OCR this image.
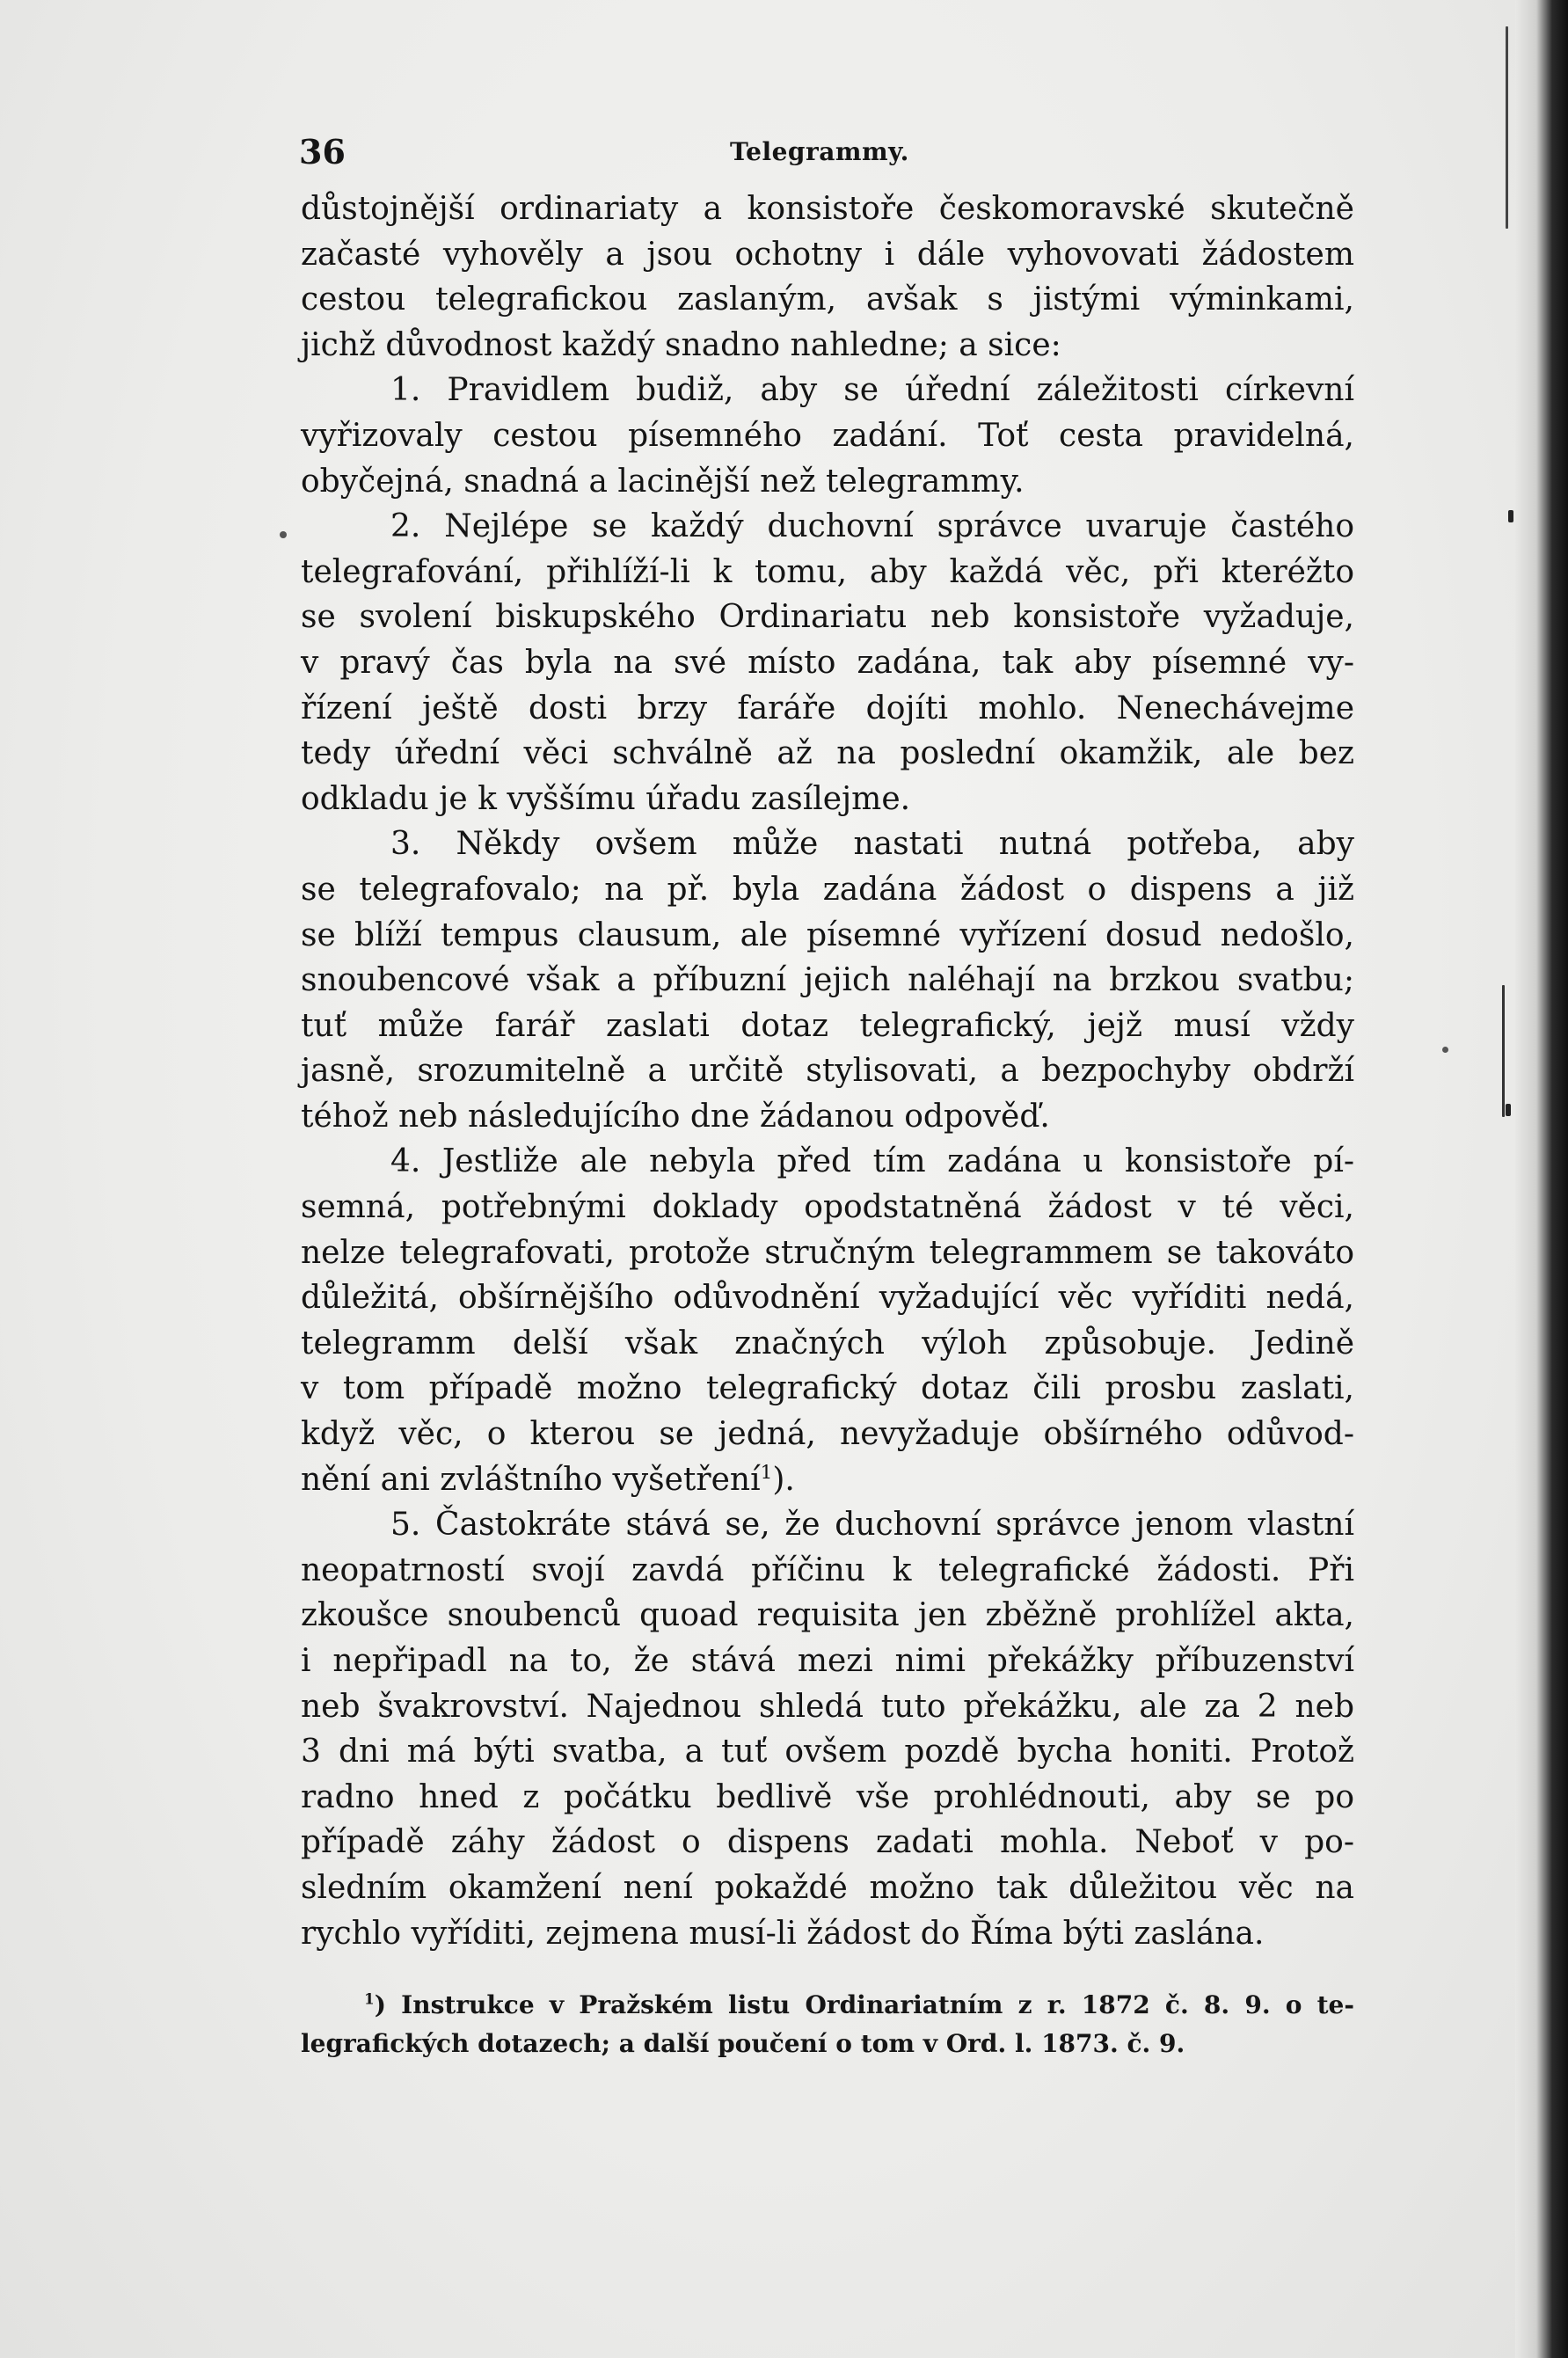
36	Telegrammy.

důstojnější ordinariaty a konsistoře českomoravské skutečně
začasté vyhověly a jsou ochotny i dále vyhovovati žádostem
cestou telegrafickou zaslaným, avšak s jistými výminkami,
jichž důvodnost každý snadno nahledne; a sice:

1. Pravidlem budiž, aby se úřední záležitosti církevní
vyřizovaly cestou písemného zadání. Toť cesta pravidelná,
obyčejná, snadná a lacinější než telegrammy.

2. Nejlépe se každý duchovní správce uvaruje častého
telegrafování, přihlíží-li k tomu, aby každá věc, při kteréžto
se svolení biskupského Ordinariatu neb konsistoře vyžaduje,
v pravý čas byla na své místo zadána, tak aby písemné vy-
řízení ještě dosti brzy faráře dojíti mohlo. Nenechávejme
tedy úřední věci schválně až na poslední okamžik, ale bez
odkladu je k vyššímu úřadu zasílejme.

3. Někdy ovšem může nastati nutná potřeba, aby
se telegrafovalo; na př. byla zadána žádost o dispens a již
se blíží tempus clausum, ale písemné vyřízení dosud nedošlo,
snoubencové však a příbuzní jejich naléhají na brzkou svatbu;
tuť může farář zaslati dotaz telegrafický, jejž musí vždy
jasně, srozumitelně a určitě stylisovati, a bezpochyby obdrží
téhož neb následujícího dne žádanou odpověď.

4. Jestliže ale nebyla před tím zadána u konsistoře pí-
semná, potřebnými doklady opodstatněná žádost v té věci,
nelze telegrafovati, protože stručným telegrammem se takováto
důležitá, obšírnějšího odůvodnění vyžadující věc vyříditi nedá,
telegramm delší však značných výloh způsobuje. Jedině
v tom případě možno telegrafický dotaz čili prosbu zaslati,
když věc, o kterou se jedná, nevyžaduje obšírného odůvod-
nění ani zvláštního vyšetření$^1$).

5. Častokráte stává se, že duchovní správce jenom vlastní
neopatrností svojí zavdá příčinu k telegrafické žádosti. Při
zkoušce snoubenců quoad requisita jen zběžně prohlížel akta,
i nepřipadl na to, že stává mezi nimi překážky příbuzenství
neb švakrovství. Najednou shledá tuto překážku, ale za 2 neb
3 dni má býti svatba, a tuť ovšem pozdě bycha honiti. Protož
radno hned z počátku bedlivě vše prohlédnouti, aby se po
případě záhy žádost o dispens zadati mohla. Neboť v po-
sledním okamžení není pokaždé možno tak důležitou věc na
rychlo vyříditi, zejmena musí-li žádost do Říma býti zaslána.

$^1$) Instrukce v Pražském listu Ordinariatním z r. 1872 č. 8. 9. o te-
legrafických dotazech; a další poučení o tom v Ord. l. 1873. č. 9.
